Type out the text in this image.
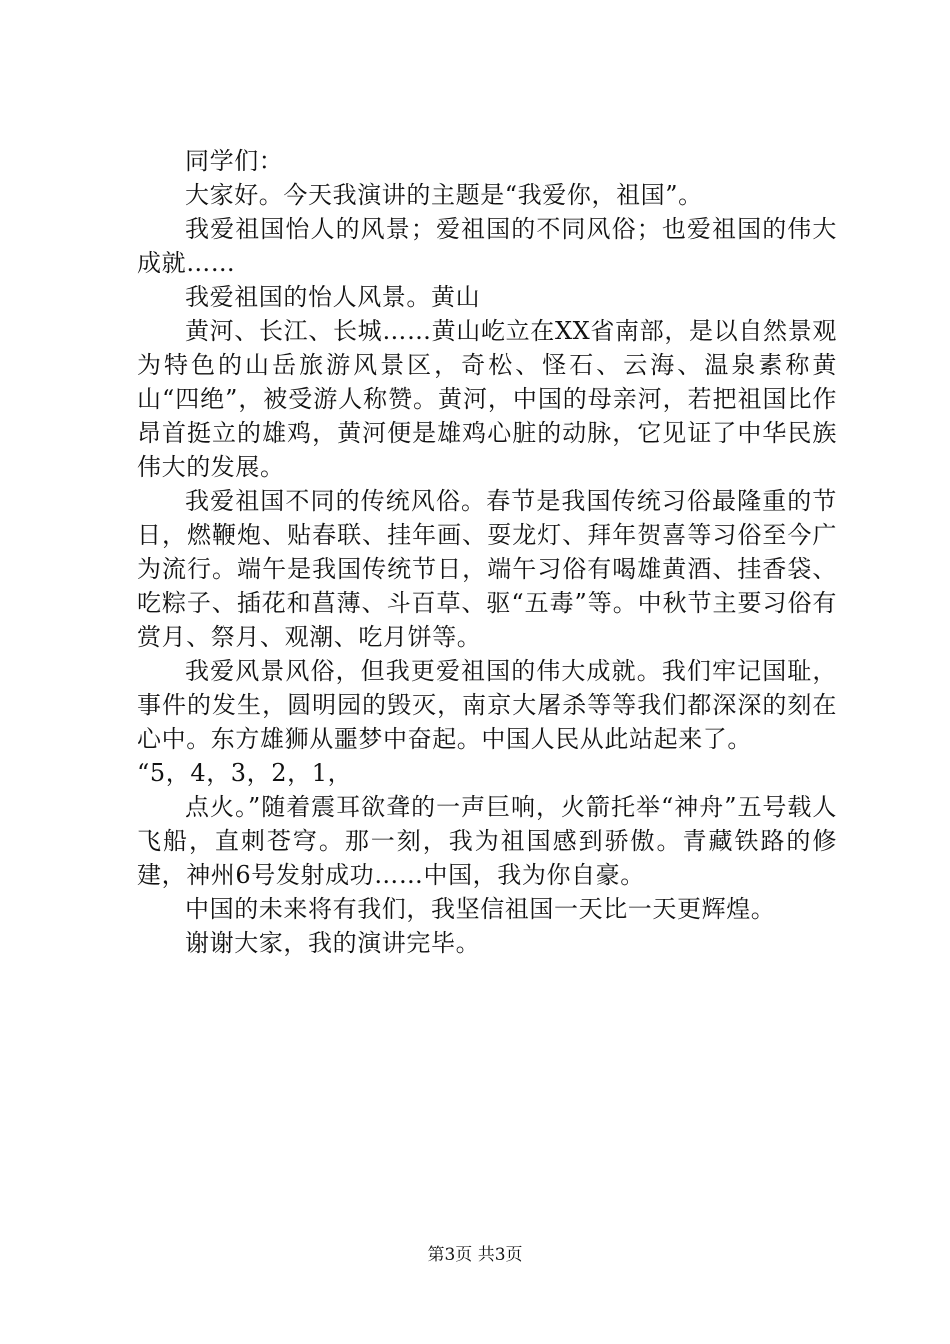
同学们：

大家好。今天我演讲的主题是“我爱你，祖国”。

我爱祖国怡人的风景；爱祖国的不同风俗；也爱祖国的伟大成就……

我爱祖国的怡人风景。黄山

黄河、长江、长城……黄山屹立在XX省南部，是以自然景观为特色的山岳旅游风景区，奇松、怪石、云海、温泉素称黄山“四绝”，被受游人称赞。黄河，中国的母亲河，若把祖国比作昂首挺立的雄鸡，黄河便是雄鸡心脏的动脉，它见证了中华民族伟大的发展。

我爱祖国不同的传统风俗。春节是我国传统习俗最隆重的节日，燃鞭炮、贴春联、挂年画、耍龙灯、拜年贺喜等习俗至今广为流行。端午是我国传统节日，端午习俗有喝雄黄酒、挂香袋、吃粽子、插花和菖薄、斗百草、驱“五毒”等。中秋节主要习俗有赏月、祭月、观潮、吃月饼等。

我爱风景风俗，但我更爱祖国的伟大成就。我们牢记国耻，事件的发生，圆明园的毁灭，南京大屠杀等等我们都深深的刻在心中。东方雄狮从噩梦中奋起。中国人民从此站起来了。

“5，4，3，2，1，

点火。”随着震耳欲聋的一声巨响，火箭托举“神舟”五号载人飞船，直刺苍穹。那一刻，我为祖国感到骄傲。青藏铁路的修建，神州6号发射成功……中国，我为你自豪。

中国的未来将有我们，我坚信祖国一天比一天更辉煌。

谢谢大家，我的演讲完毕。

第3页 共3页
